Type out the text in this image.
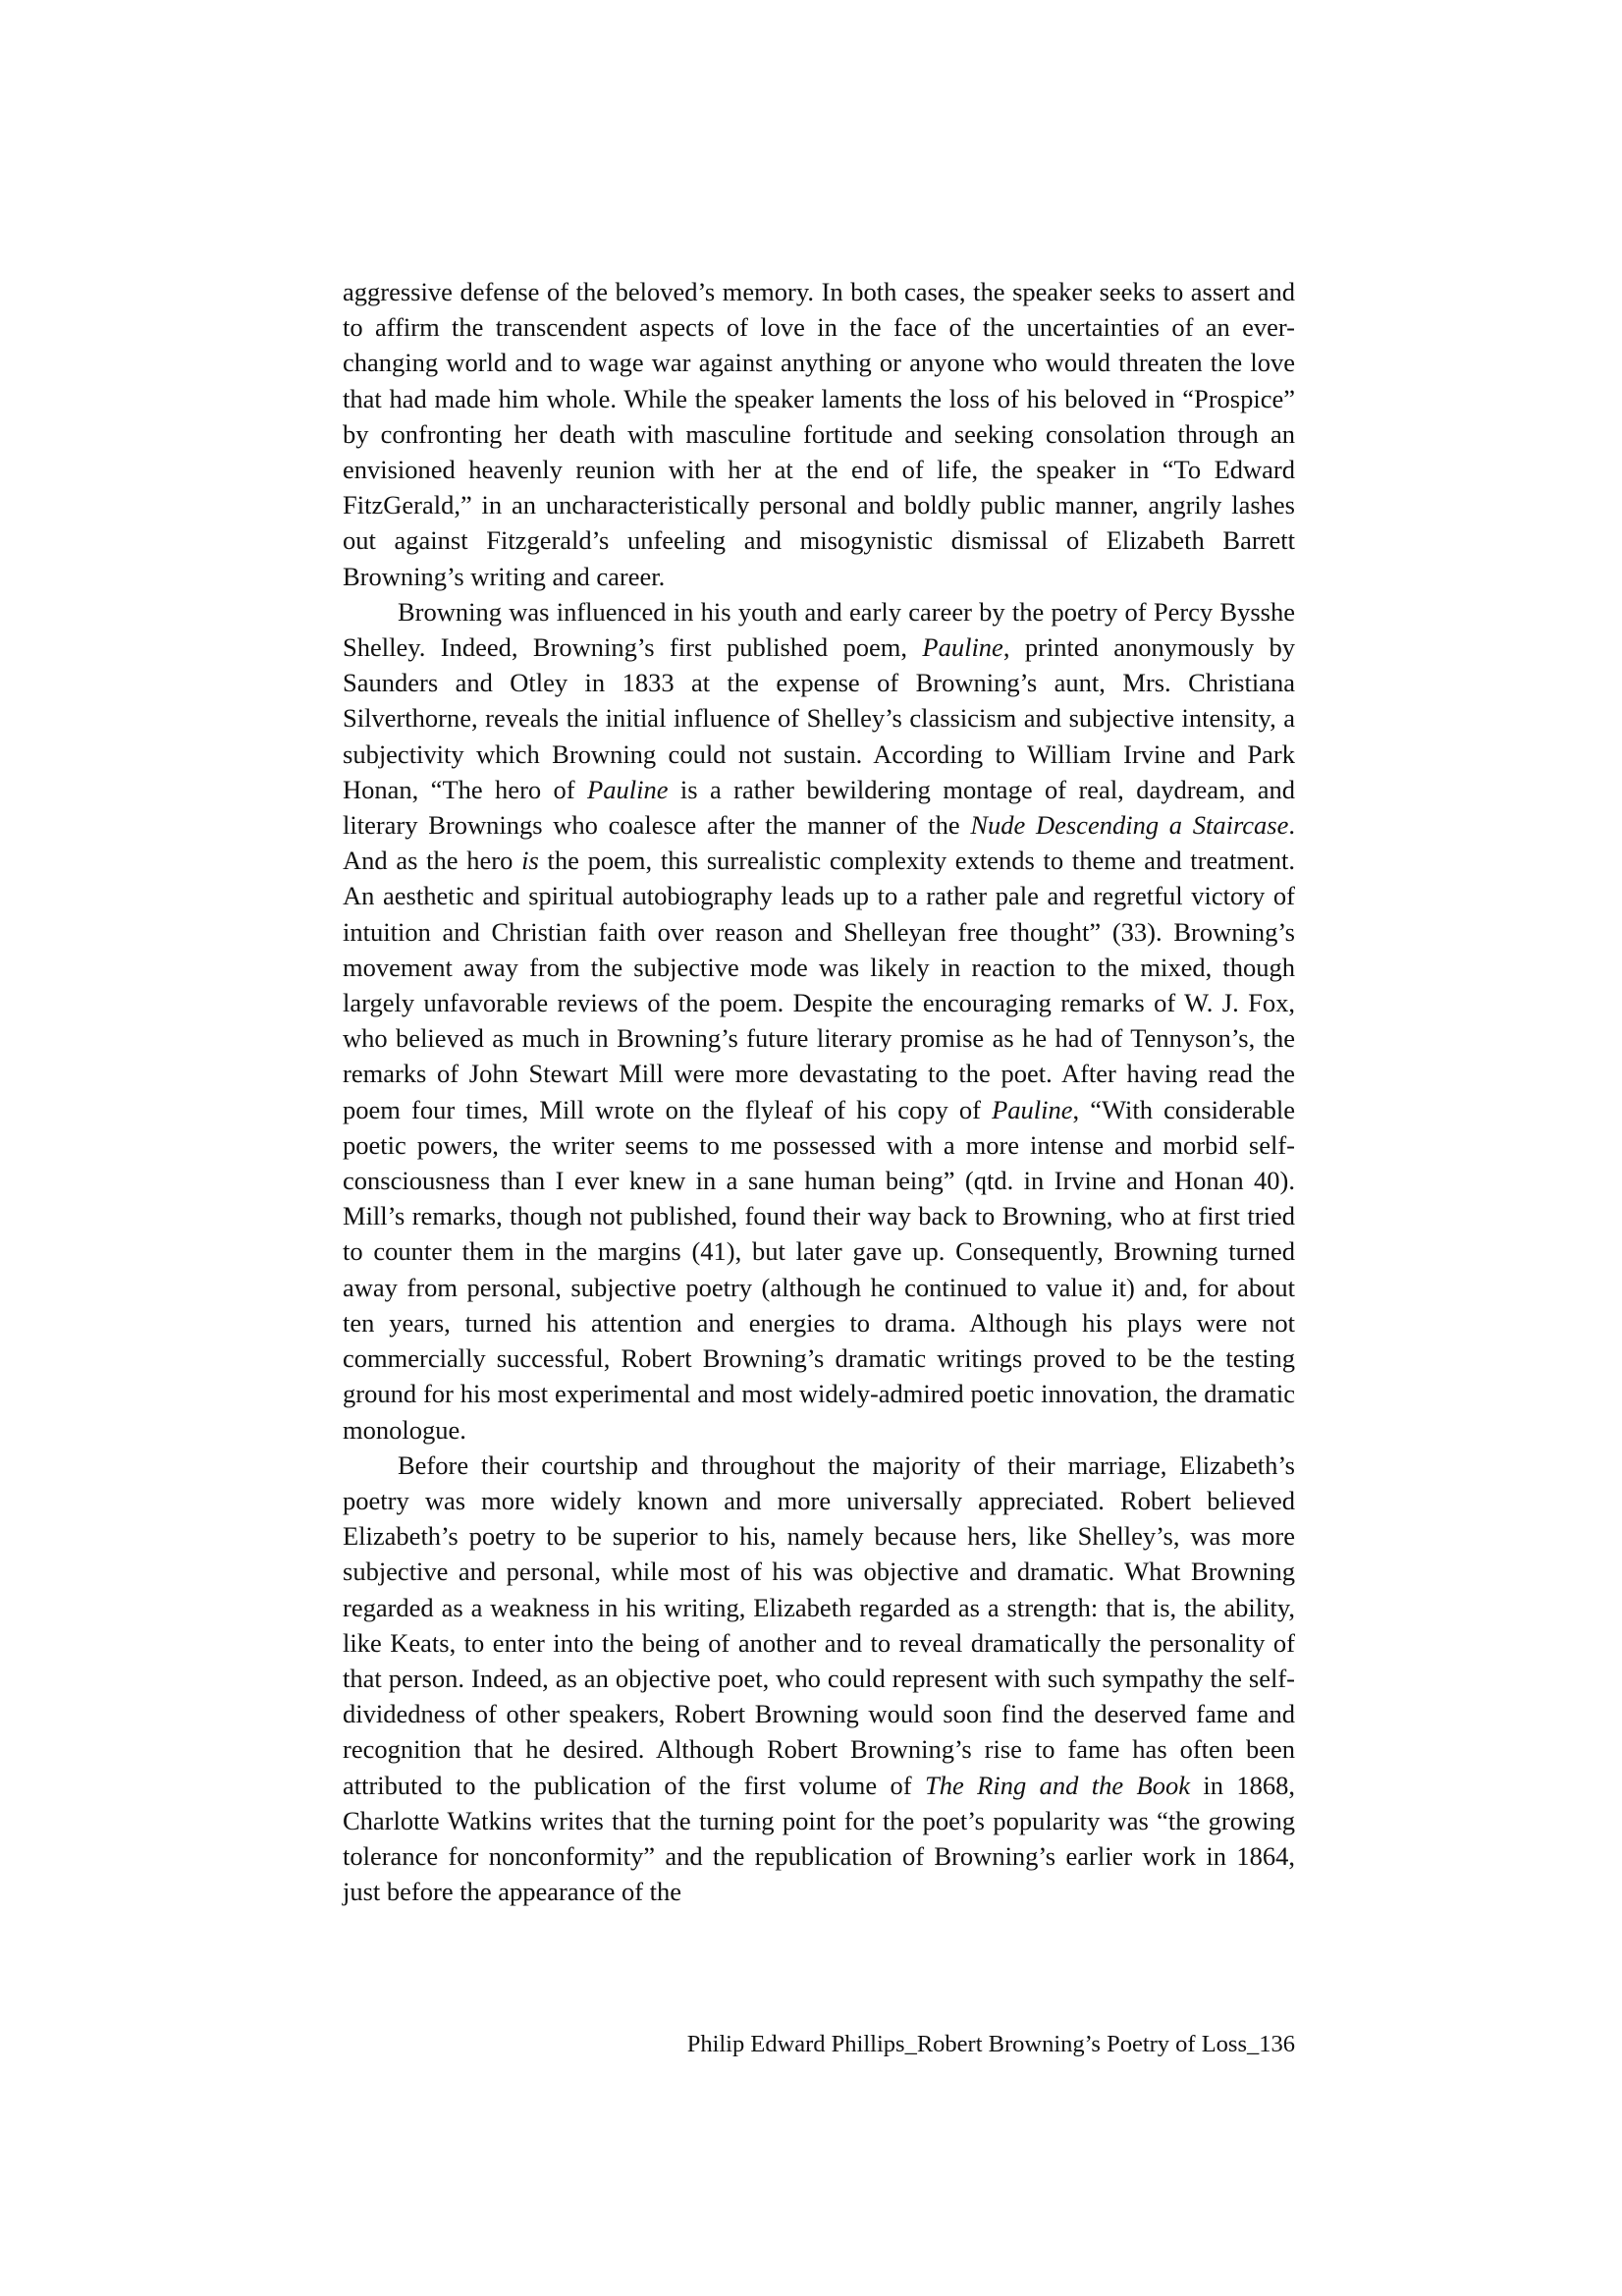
aggressive defense of the beloved’s memory. In both cases, the speaker seeks to assert and to affirm the transcendent aspects of love in the face of the uncertainties of an ever-changing world and to wage war against anything or anyone who would threaten the love that had made him whole. While the speaker laments the loss of his beloved in “Prospice” by confronting her death with masculine fortitude and seeking consolation through an envisioned heavenly reunion with her at the end of life, the speaker in “To Edward FitzGerald,” in an uncharacteristically personal and boldly public manner, angrily lashes out against Fitzgerald’s unfeeling and misogynistic dismissal of Elizabeth Barrett Browning’s writing and career.

Browning was influenced in his youth and early career by the poetry of Percy Bysshe Shelley. Indeed, Browning’s first published poem, Pauline, printed anonymously by Saunders and Otley in 1833 at the expense of Browning’s aunt, Mrs. Christiana Silverthorne, reveals the initial influence of Shelley’s classicism and subjective intensity, a subjectivity which Browning could not sustain. According to William Irvine and Park Honan, “The hero of Pauline is a rather bewildering montage of real, daydream, and literary Brownings who coalesce after the manner of the Nude Descending a Staircase. And as the hero is the poem, this surrealistic complexity extends to theme and treatment. An aesthetic and spiritual autobiography leads up to a rather pale and regretful victory of intuition and Christian faith over reason and Shelleyan free thought” (33). Browning’s movement away from the subjective mode was likely in reaction to the mixed, though largely unfavorable reviews of the poem. Despite the encouraging remarks of W. J. Fox, who believed as much in Browning’s future literary promise as he had of Tennyson’s, the remarks of John Stewart Mill were more devastating to the poet. After having read the poem four times, Mill wrote on the flyleaf of his copy of Pauline, “With considerable poetic powers, the writer seems to me possessed with a more intense and morbid self-consciousness than I ever knew in a sane human being” (qtd. in Irvine and Honan 40). Mill’s remarks, though not published, found their way back to Browning, who at first tried to counter them in the margins (41), but later gave up. Consequently, Browning turned away from personal, subjective poetry (although he continued to value it) and, for about ten years, turned his attention and energies to drama. Although his plays were not commercially successful, Robert Browning’s dramatic writings proved to be the testing ground for his most experimental and most widely-admired poetic innovation, the dramatic monologue.

Before their courtship and throughout the majority of their marriage, Elizabeth’s poetry was more widely known and more universally appreciated. Robert believed Elizabeth’s poetry to be superior to his, namely because hers, like Shelley’s, was more subjective and personal, while most of his was objective and dramatic. What Browning regarded as a weakness in his writing, Elizabeth regarded as a strength: that is, the ability, like Keats, to enter into the being of another and to reveal dramatically the personality of that person. Indeed, as an objective poet, who could represent with such sympathy the self-dividedness of other speakers, Robert Browning would soon find the deserved fame and recognition that he desired. Although Robert Browning’s rise to fame has often been attributed to the publication of the first volume of The Ring and the Book in 1868, Charlotte Watkins writes that the turning point for the poet’s popularity was “the growing tolerance for nonconformity” and the republication of Browning’s earlier work in 1864, just before the appearance of the

Philip Edward Phillips_Robert Browning’s Poetry of Loss_136
